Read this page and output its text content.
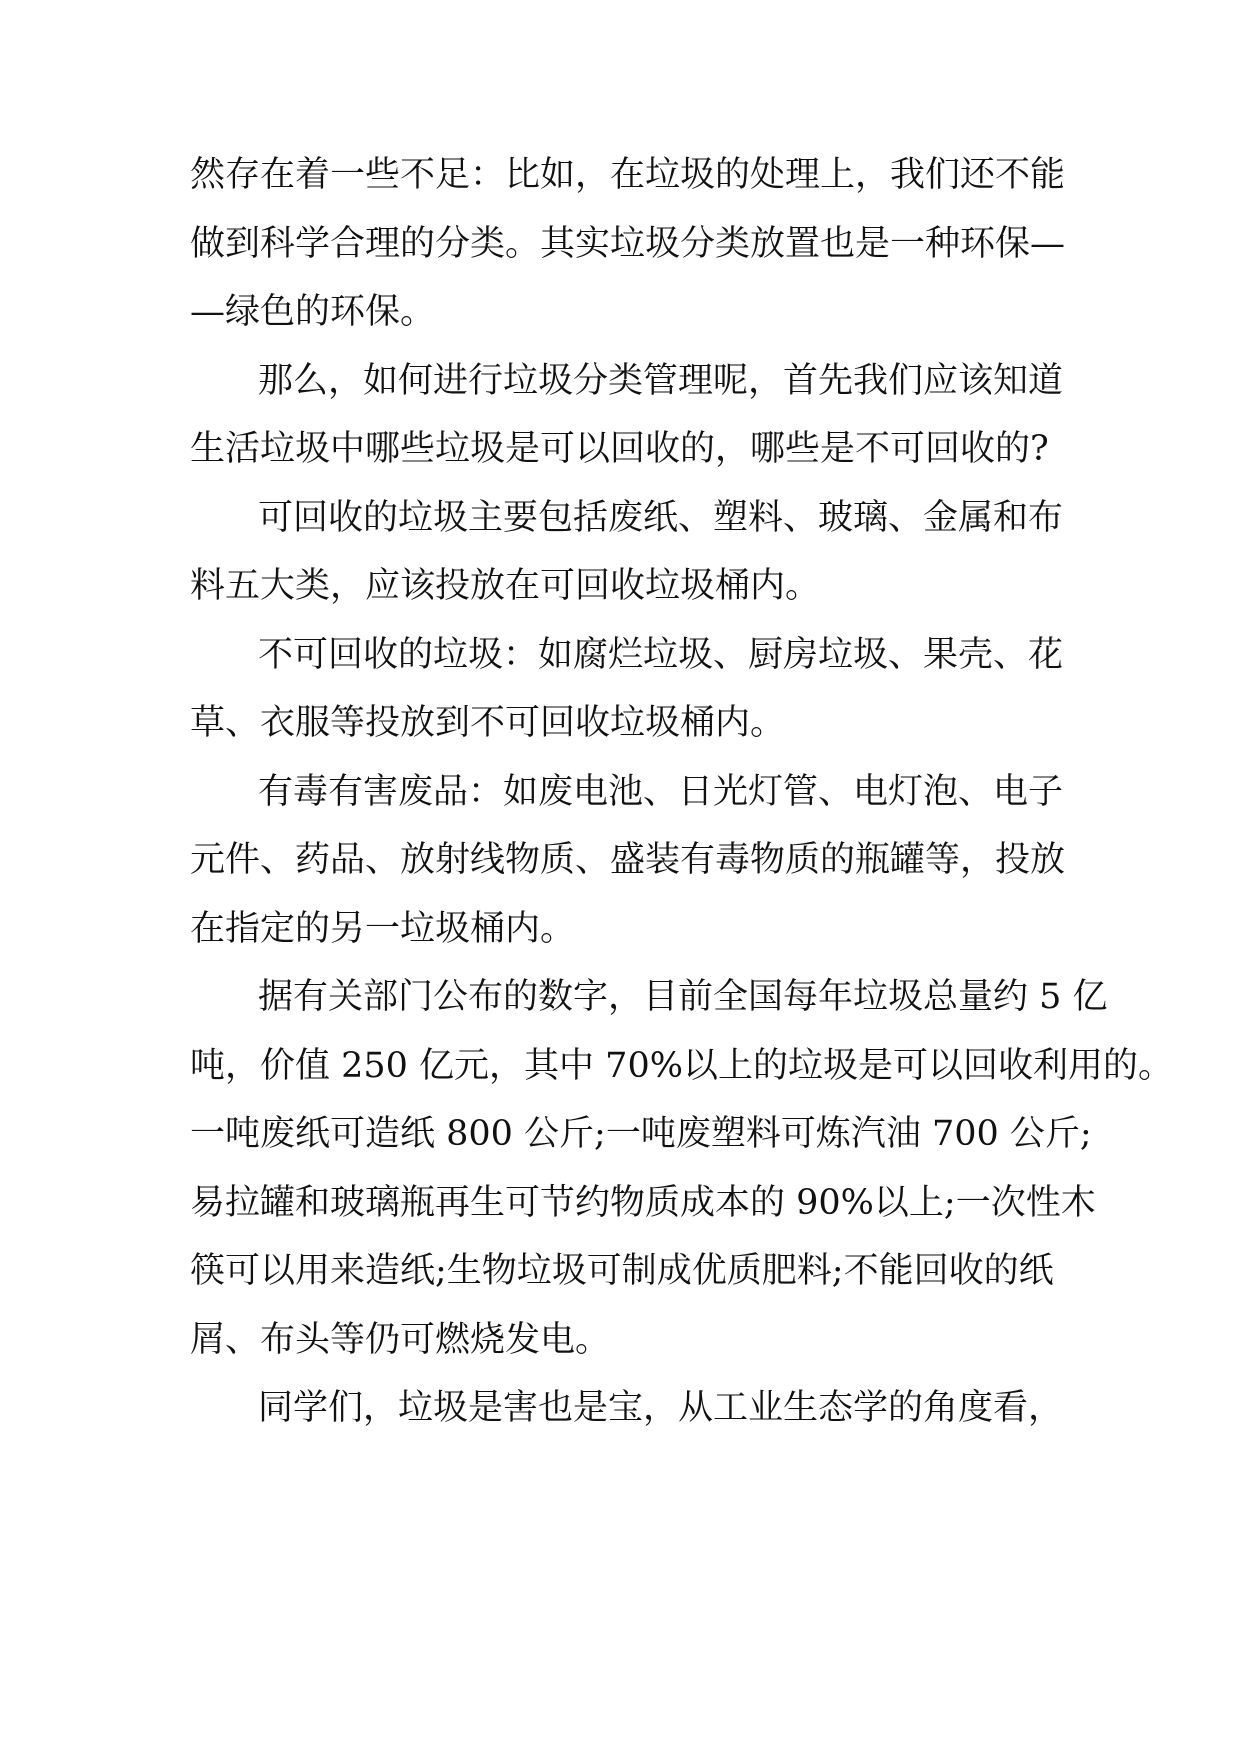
然存在着一些不足：比如，在垃圾的处理上，我们还不能

做到科学合理的分类。其实垃圾分类放置也是一种环保—

—绿色的环保。

那么，如何进行垃圾分类管理呢，首先我们应该知道

生活垃圾中哪些垃圾是可以回收的，哪些是不可回收的?

可回收的垃圾主要包括废纸、塑料、玻璃、金属和布

料五大类，应该投放在可回收垃圾桶内。

不可回收的垃圾：如腐烂垃圾、厨房垃圾、果壳、花

草、衣服等投放到不可回收垃圾桶内。

有毒有害废品：如废电池、日光灯管、电灯泡、电子

元件、药品、放射线物质、盛装有毒物质的瓶罐等，投放

在指定的另一垃圾桶内。

据有关部门公布的数字，目前全国每年垃圾总量约 5 亿

吨，价值 250 亿元，其中 70%以上的垃圾是可以回收利用的。

一吨废纸可造纸 800 公斤;一吨废塑料可炼汽油 700 公斤;

易拉罐和玻璃瓶再生可节约物质成本的 90%以上;一次性木

筷可以用来造纸;生物垃圾可制成优质肥料;不能回收的纸

屑、布头等仍可燃烧发电。

同学们，垃圾是害也是宝，从工业生态学的角度看，
